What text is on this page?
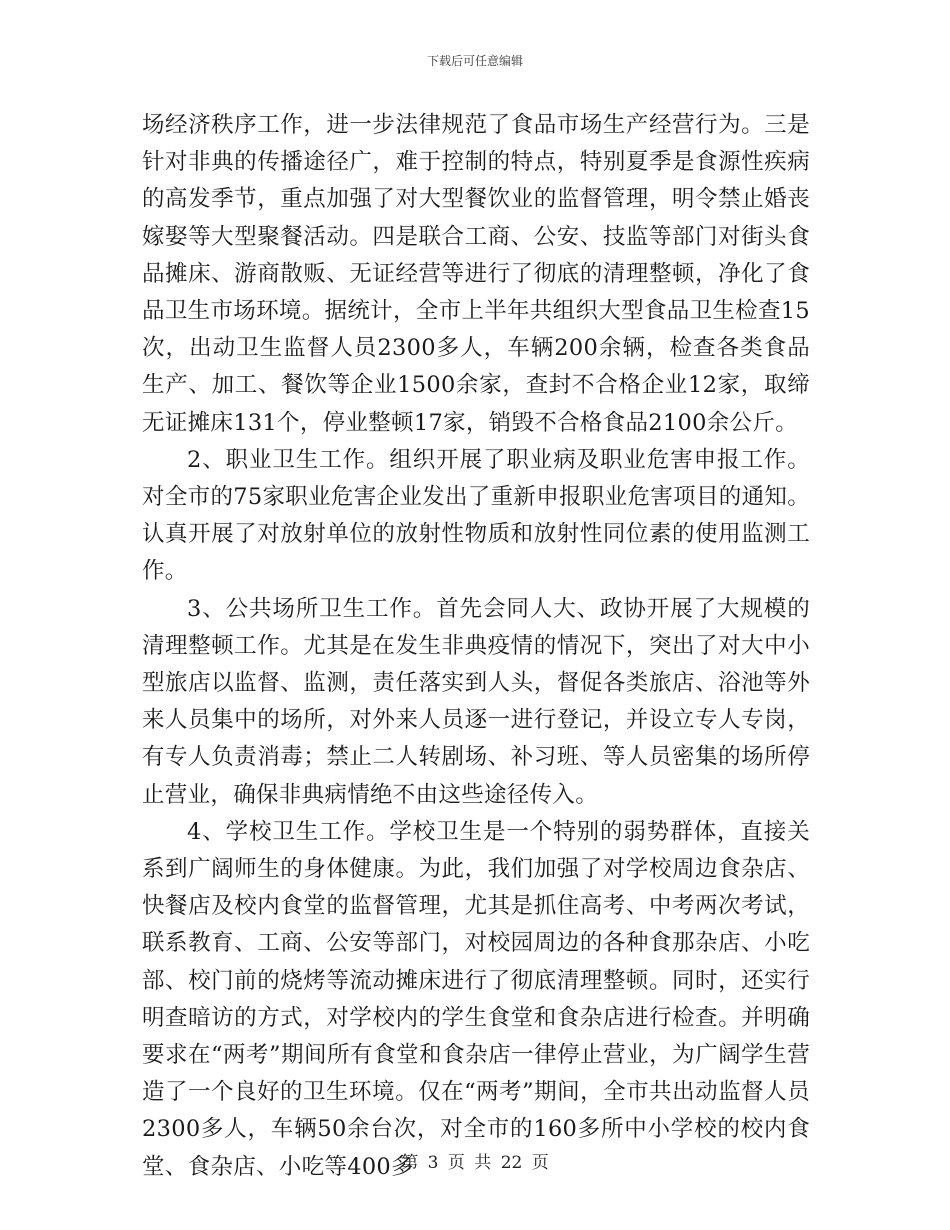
下载后可任意编辑

场经济秩序工作，进一步法律规范了食品市场生产经营行为。三是针对非典的传播途径广，难于控制的特点，特别夏季是食源性疾病的高发季节，重点加强了对大型餐饮业的监督管理，明令禁止婚丧嫁娶等大型聚餐活动。四是联合工商、公安、技监等部门对街头食品摊床、游商散贩、无证经营等进行了彻底的清理整顿，净化了食品卫生市场环境。据统计，全市上半年共组织大型食品卫生检查15次，出动卫生监督人员2300多人，车辆200余辆，检查各类食品生产、加工、餐饮等企业1500余家，查封不合格企业12家，取缔无证摊床131个，停业整顿17家，销毁不合格食品2100余公斤。

2、职业卫生工作。组织开展了职业病及职业危害申报工作。对全市的75家职业危害企业发出了重新申报职业危害项目的通知。认真开展了对放射单位的放射性物质和放射性同位素的使用监测工作。

3、公共场所卫生工作。首先会同人大、政协开展了大规模的清理整顿工作。尤其是在发生非典疫情的情况下，突出了对大中小型旅店以监督、监测，责任落实到人头，督促各类旅店、浴池等外来人员集中的场所，对外来人员逐一进行登记，并设立专人专岗，有专人负责消毒；禁止二人转剧场、补习班、等人员密集的场所停止营业，确保非典病情绝不由这些途径传入。

4、学校卫生工作。学校卫生是一个特别的弱势群体，直接关系到广阔师生的身体健康。为此，我们加强了对学校周边食杂店、快餐店及校内食堂的监督管理，尤其是抓住高考、中考两次考试，联系教育、工商、公安等部门，对校园周边的各种食那杂店、小吃部、校门前的烧烤等流动摊床进行了彻底清理整顿。同时，还实行明查暗访的方式，对学校内的学生食堂和食杂店进行检查。并明确要求在“两考”期间所有食堂和食杂店一律停止营业，为广阔学生营造了一个良好的卫生环境。仅在“两考”期间，全市共出动监督人员2300多人，车辆50余台次，对全市的160多所中小学校的校内食堂、食杂店、小吃等400多

第 3 页 共 22 页
